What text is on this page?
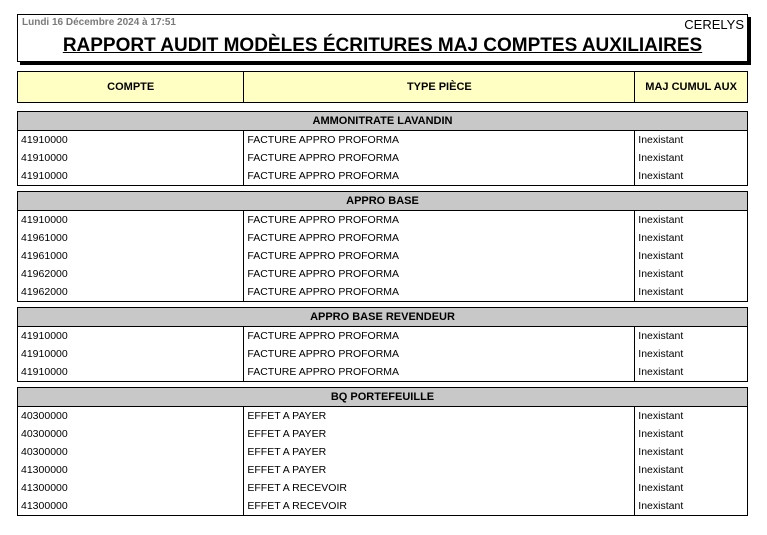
Lundi 16 Décembre 2024 à 17:51	CERELYS
RAPPORT AUDIT MODÈLES ÉCRITURES MAJ COMPTES AUXILIAIRES
COMPTE	TYPE PIÈCE	MAJ CUMUL AUX
AMMONITRATE LAVANDIN
41910000	FACTURE APPRO PROFORMA	Inexistant
41910000	FACTURE APPRO PROFORMA	Inexistant
41910000	FACTURE APPRO PROFORMA	Inexistant
APPRO BASE
41910000	FACTURE APPRO PROFORMA	Inexistant
41961000	FACTURE APPRO PROFORMA	Inexistant
41961000	FACTURE APPRO PROFORMA	Inexistant
41962000	FACTURE APPRO PROFORMA	Inexistant
41962000	FACTURE APPRO PROFORMA	Inexistant
APPRO BASE REVENDEUR
41910000	FACTURE APPRO PROFORMA	Inexistant
41910000	FACTURE APPRO PROFORMA	Inexistant
41910000	FACTURE APPRO PROFORMA	Inexistant
BQ PORTEFEUILLE
40300000	EFFET A PAYER	Inexistant
40300000	EFFET A PAYER	Inexistant
40300000	EFFET A PAYER	Inexistant
41300000	EFFET A PAYER	Inexistant
41300000	EFFET A RECEVOIR	Inexistant
41300000	EFFET A RECEVOIR	Inexistant
